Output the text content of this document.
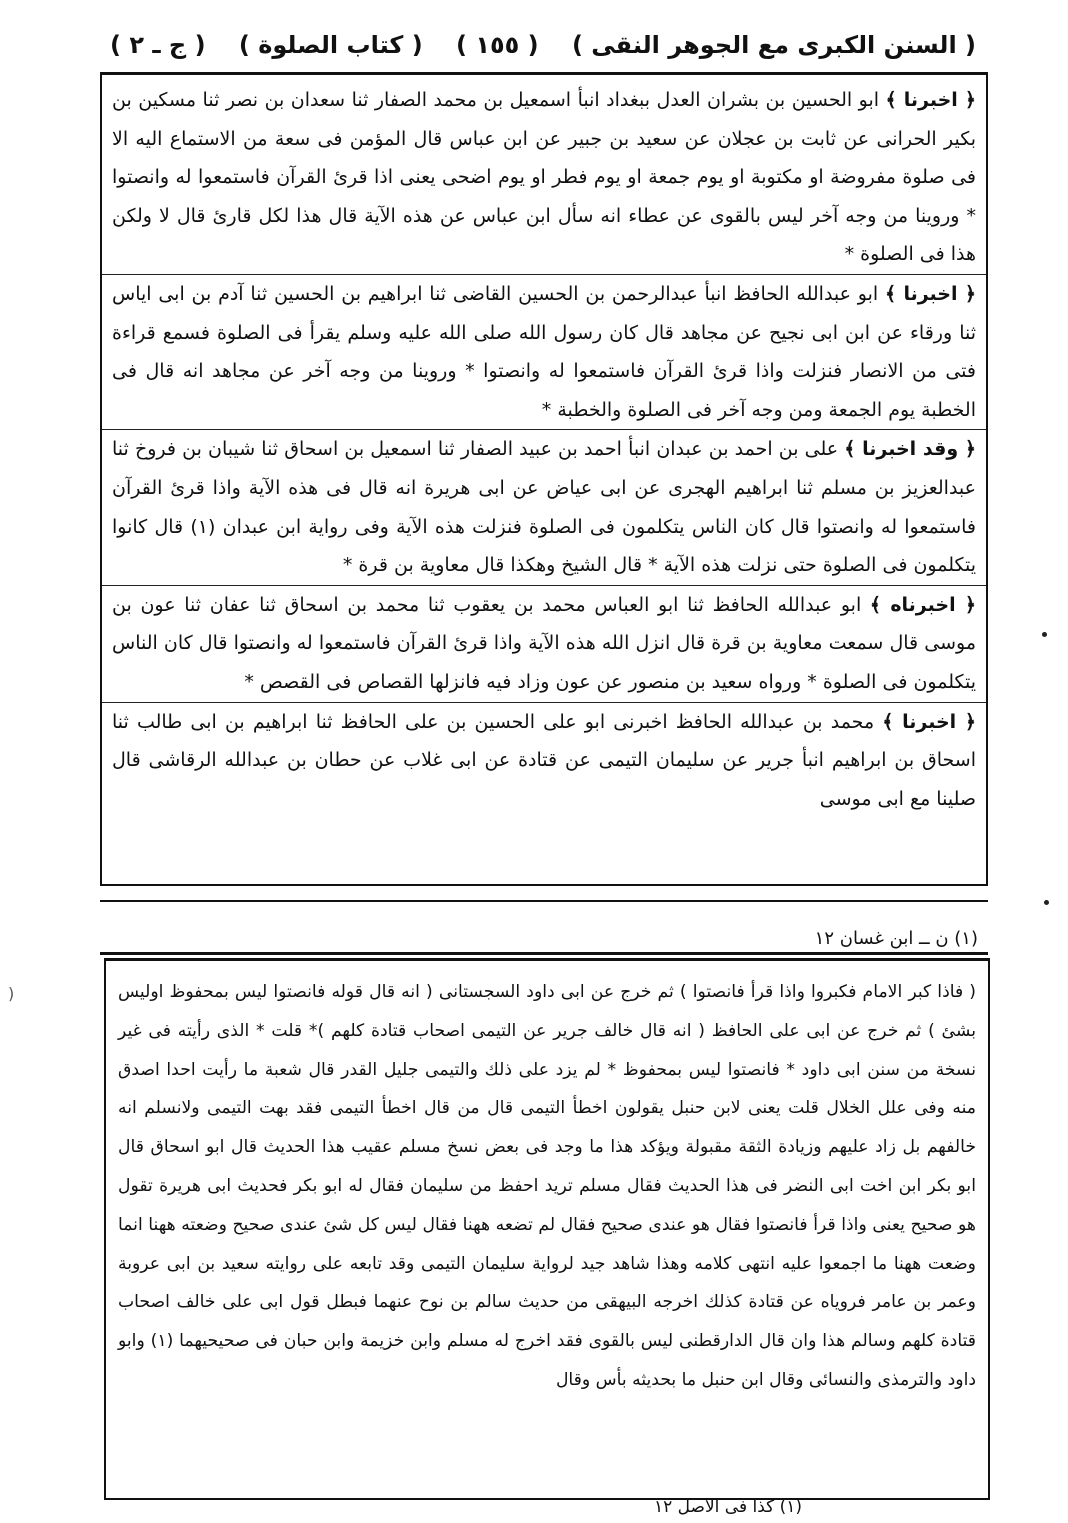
( السنن الكبرى مع الجوهر النقى )
( ١٥٥ )
( كتاب الصلوة )
( ج ـ ٢ )

﴿ اخبرنا ﴾ ابو الحسين بن بشران العدل ببغداد انبأ اسمعيل بن محمد الصفار ثنا سعدان بن نصر ثنا مسكين بن بكير الحرانى عن ثابت بن عجلان عن سعيد بن جبير عن ابن عباس قال المؤمن فى سعة من الاستماع اليه الا فى صلوة مفروضة او مكتوبة او يوم جمعة او يوم فطر او يوم اضحى يعنى اذا قرئ القرآن فاستمعوا له وانصتوا * وروينا من وجه آخر ليس بالقوى عن عطاء انه سأل ابن عباس عن هذه الآية قال هذا لكل قارئ قال لا ولكن هذا فى الصلوة *

﴿ اخبرنا ﴾ ابو عبدالله الحافظ انبأ عبدالرحمن بن الحسين القاضى ثنا ابراهيم بن الحسين ثنا آدم بن ابى اياس ثنا ورقاء عن ابن ابى نجيح عن مجاهد قال كان رسول الله صلى الله عليه وسلم يقرأ فى الصلوة فسمع قراءة فتى من الانصار فنزلت واذا قرئ القرآن فاستمعوا له وانصتوا * وروينا من وجه آخر عن مجاهد انه قال فى الخطبة يوم الجمعة ومن وجه آخر فى الصلوة والخطبة *

﴿ وقد اخبرنا ﴾ على بن احمد بن عبدان انبأ احمد بن عبيد الصفار ثنا اسمعيل بن اسحاق ثنا شيبان بن فروخ ثنا عبدالعزيز بن مسلم ثنا ابراهيم الهجرى عن ابى عياض عن ابى هريرة انه قال فى هذه الآية واذا قرئ القرآن فاستمعوا له وانصتوا قال كان الناس يتكلمون فى الصلوة فنزلت هذه الآية وفى رواية ابن عبدان (١) قال كانوا يتكلمون فى الصلوة حتى نزلت هذه الآية * قال الشيخ وهكذا قال معاوية بن قرة *

﴿ اخبرناه ﴾ ابو عبدالله الحافظ ثنا ابو العباس محمد بن يعقوب ثنا محمد بن اسحاق ثنا عفان ثنا عون بن موسى قال سمعت معاوية بن قرة قال انزل الله هذه الآية واذا قرئ القرآن فاستمعوا له وانصتوا قال كان الناس يتكلمون فى الصلوة * ورواه سعيد بن منصور عن عون وزاد فيه فانزلها القصاص فى القصص *

﴿ اخبرنا ﴾ محمد بن عبدالله الحافظ اخبرنى ابو على الحسين بن على الحافظ ثنا ابراهيم بن ابى طالب ثنا اسحاق بن ابراهيم انبأ جرير عن سليمان التيمى عن قتادة عن ابى غلاب عن حطان بن عبدالله الرقاشى قال صلينا مع ابى موسى

(١) ن ــ ابن غسان ١٢

( فاذا كبر الامام فكبروا واذا قرأ فانصتوا ) ثم خرج عن ابى داود السجستانى ( انه قال قوله فانصتوا ليس بمحفوظ اوليس بشئ ) ثم خرج عن ابى على الحافظ ( انه قال خالف جرير عن التيمى اصحاب قتادة كلهم )* قلت * الذى رأيته فى غير نسخة من سنن ابى داود * فانصتوا ليس بمحفوظ * لم يزد على ذلك والتيمى جليل القدر قال شعبة ما رأيت احدا اصدق منه وفى علل الخلال قلت يعنى لابن حنبل يقولون اخطأ التيمى قال من قال اخطأ التيمى فقد بهت التيمى ولانسلم انه خالفهم بل زاد عليهم وزيادة الثقة مقبولة ويؤكد هذا ما وجد فى بعض نسخ مسلم عقيب هذا الحديث قال ابو اسحاق قال ابو بكر ابن اخت ابى النضر فى هذا الحديث فقال مسلم تريد احفظ من سليمان فقال له ابو بكر فحديث ابى هريرة تقول هو صحيح يعنى واذا قرأ فانصتوا فقال هو عندى صحيح فقال لم تضعه ههنا فقال ليس كل شئ عندى صحيح وضعته ههنا انما وضعت ههنا ما اجمعوا عليه انتهى كلامه وهذا شاهد جيد لرواية سليمان التيمى وقد تابعه على روايته سعيد بن ابى عروبة وعمر بن عامر فروياه عن قتادة كذلك اخرجه البيهقى من حديث سالم بن نوح عنهما فبطل قول ابى على خالف اصحاب قتادة كلهم وسالم هذا وان قال الدارقطنى ليس بالقوى فقد اخرج له مسلم وابن خزيمة وابن حبان فى صحيحيهما (١) وابو داود والترمذى والنسائى وقال ابن حنبل ما بحديثه بأس وقال

(١) كذا فى الاصل ١٢
(
